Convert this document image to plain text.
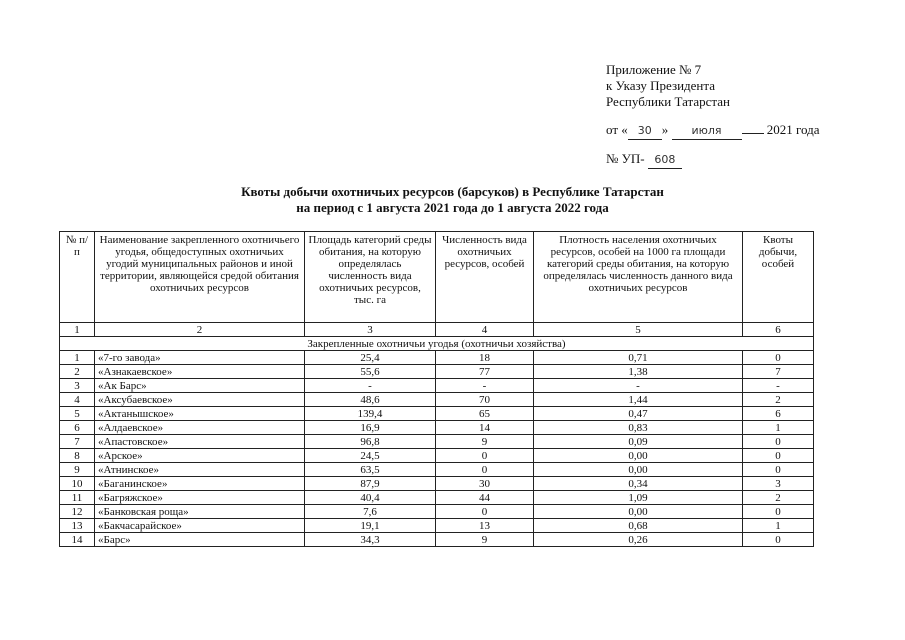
Приложение № 7
к Указу Президента
Республики Татарстан
от « 30 » июля	2021 года
№ УП- 608
Квоты добычи охотничьих ресурсов (барсуков) в Республике Татарстан
на период с 1 августа 2021 года до 1 августа 2022 года
№ п/п	Наименование закрепленного охотничьего угодья, общедоступных охотничьих угодий муниципальных районов и иной территории, являющейся средой обитания охотничьих ресурсов	Площадь категорий среды обитания, на которую определялась численность вида охотничьих ресурсов, тыс. га	Численность вида охотничьих ресурсов, особей	Плотность населения охотничьих ресурсов, особей на 1000 га площади категорий среды обитания, на которую определялась численность данного вида охотничьих ресурсов	Квоты добычи, особей
1	2	3	4	5	6
Закрепленные охотничьи угодья (охотничьи хозяйства)					
1	«7-го завода»	25,4	18	0,71	0
2	«Азнакаевское»	55,6	77	1,38	7
3	«Ак Барс»	-	-	-	-
4	«Аксубаевское»	48,6	70	1,44	2
5	«Актанышское»	139,4	65	0,47	6
6	«Алдаевское»	16,9	14	0,83	1
7	«Апастовское»	96,8	9	0,09	0
8	«Арское»	24,5	0	0,00	0
9	«Атнинское»	63,5	0	0,00	0
10	«Баганинское»	87,9	30	0,34	3
11	«Багряжское»	40,4	44	1,09	2
12	«Банковская роща»	7,6	0	0,00	0
13	«Бакчасарайское»	19,1	13	0,68	1
14	«Барс»	34,3	9	0,26	0
